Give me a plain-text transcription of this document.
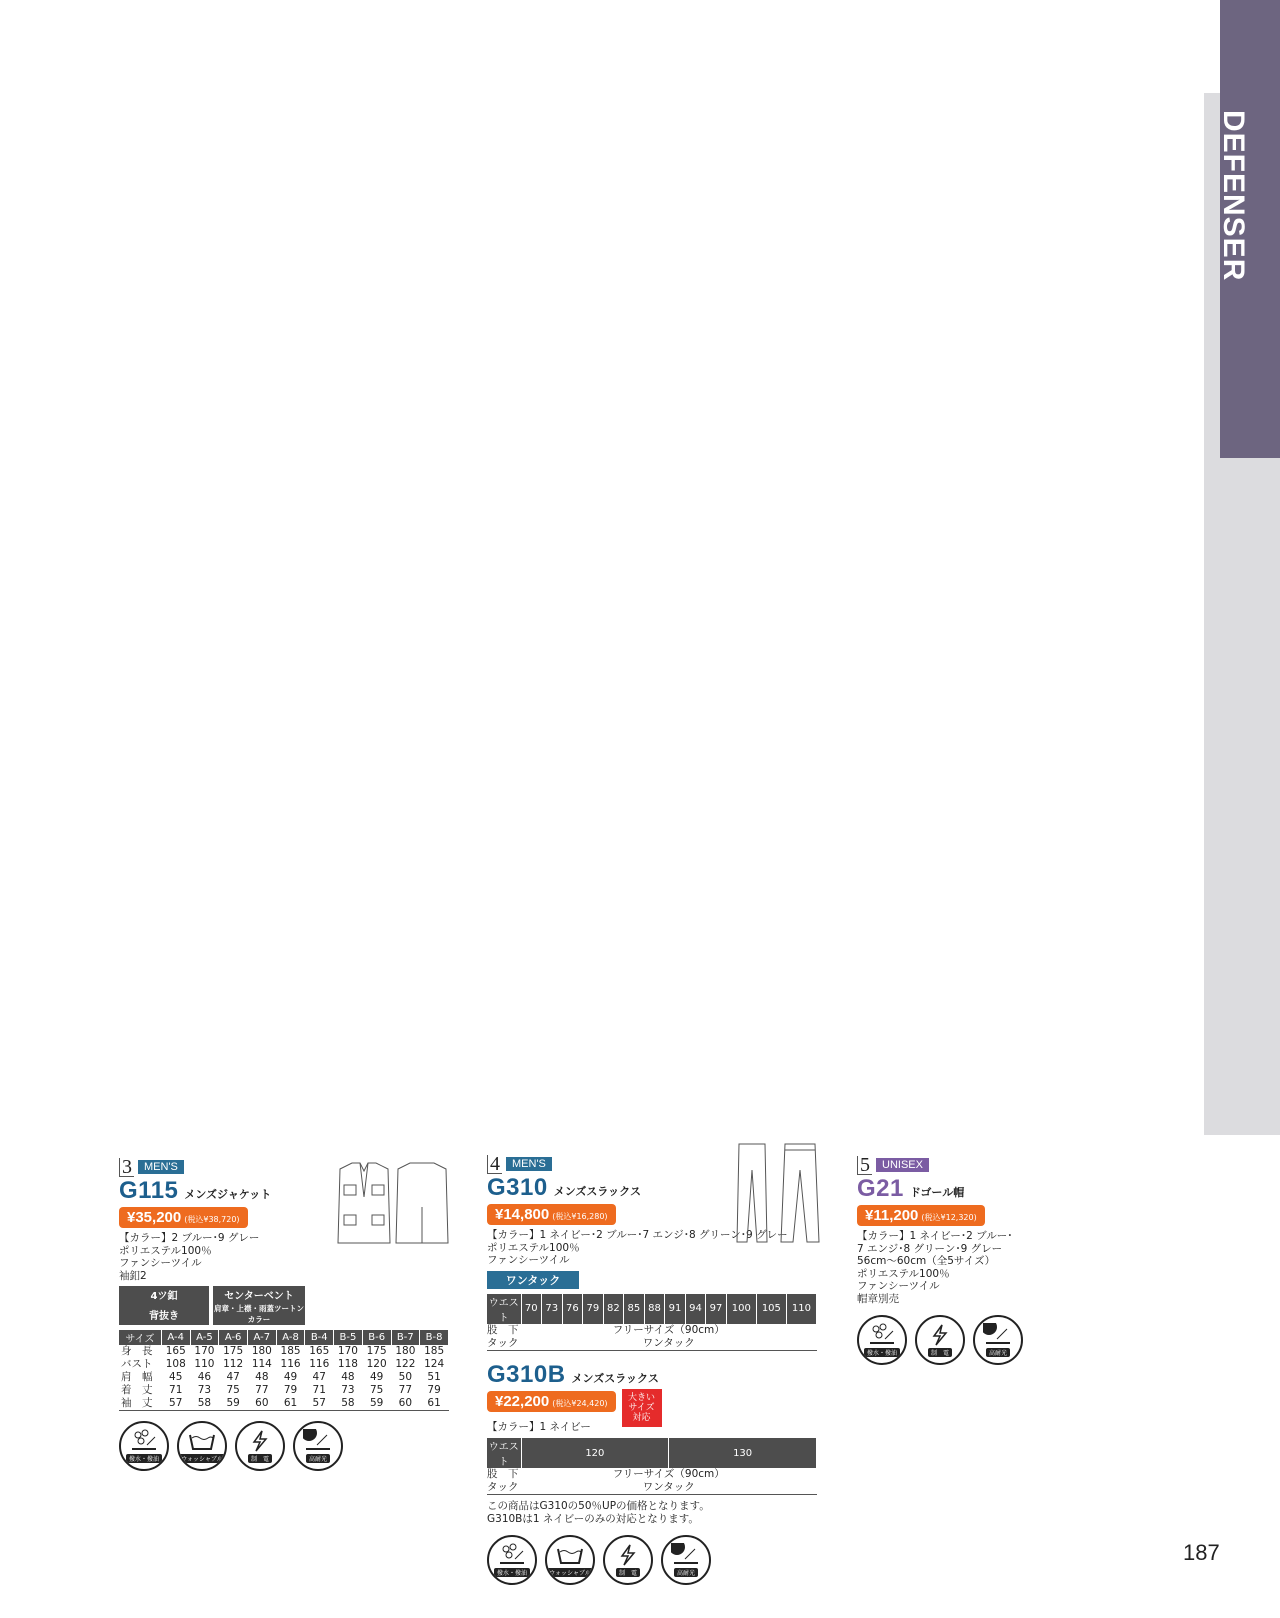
DEFENSER
3	MEN'S
G115 メンズジャケット
¥35,200 (税込¥38,720)
【カラー】2 ブルー･9 グレー
ポリエステル100％
ファンシーツイル
袖釦2
4ツ釦	センターベント
背抜き	肩章・上襟・雨蓋ツートンカラー
サイズ	A-4	A-5	A-6	A-7	A-8	B-4	B-5	B-6	B-7	B-8
身　長	165	170	175	180	185	165	170	175	180	185
バスト	108	110	112	114	116	116	118	120	122	124
肩　幅	45	46	47	48	49	47	48	49	50	51
着　丈	71	73	75	77	79	71	73	75	77	79
袖　丈	57	58	59	60	61	57	58	59	60	61
撥水・撥油	ウォッシャブル	制　電	高耐光
4	MEN'S
G310 メンズスラックス
¥14,800 (税込¥16,280)
【カラー】1 ネイビー･2 ブルー･7 エンジ･8 グリーン･9 グレー
ポリエステル100％
ファンシーツイル
ワンタック
ウエスト	70	73	76	79	82	85	88	91	94	97	100	105	110
股　下	フリーサイズ（90cm）												
タック	ワンタック												
G310B メンズスラックス
¥22,200 (税込¥24,420)
大きい
サイズ
対応
【カラー】1 ネイビー
ウエスト	120	130
股　下	フリーサイズ（90cm）	
タック	ワンタック	
この商品はG310の50％UPの価格となります。
G310Bは1 ネイビーのみの対応となります。
撥水・撥油	ウォッシャブル	制　電	高耐光
5	UNISEX
G21 ドゴール帽
¥11,200 (税込¥12,320)
【カラー】1 ネイビー･2 ブルー･
7 エンジ･8 グリーン･9 グレー
56cm〜60cm（全5サイズ）
ポリエステル100％
ファンシーツイル
帽章別売
撥水・撥油	制　電	高耐光
187
